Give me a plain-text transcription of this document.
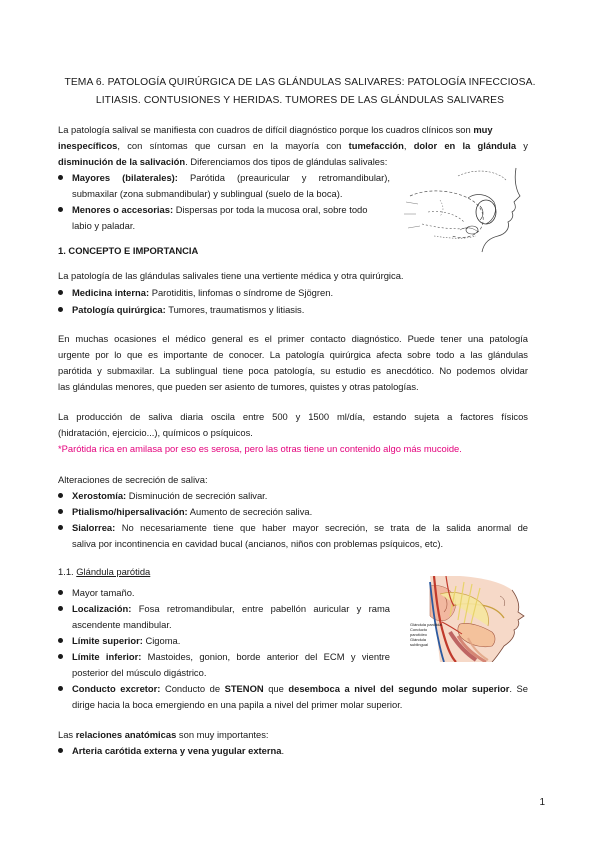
TEMA 6. PATOLOGÍA QUIRÚRGICA DE LAS GLÁNDULAS SALIVARES: PATOLOGÍA INFECCIOSA.
LITIASIS. CONTUSIONES Y HERIDAS. TUMORES DE LAS GLÁNDULAS SALIVARES
La patología salival se manifiesta con cuadros de difícil diagnóstico porque los cuadros clínicos son muy
inespecíficos, con síntomas que cursan en la mayoría con tumefacción, dolor en la glándula y
disminución de la salivación. Diferenciamos dos tipos de glándulas salivales:
Mayores (bilaterales): Parótida (preauricular y retromandibular),
submaxilar (zona submandibular) y sublingual (suelo de la boca).
Menores o accesorias: Dispersas por toda la mucosa oral, sobre todo
labio y paladar.
1. CONCEPTO E IMPORTANCIA
La patología de las glándulas salivales tiene una vertiente médica y otra quirúrgica.
Medicina interna: Parotiditis, linfomas o síndrome de Sjögren.
Patología quirúrgica: Tumores, traumatismos y litiasis.
En muchas ocasiones el médico general es el primer contacto diagnóstico. Puede tener una patología
urgente por lo que es importante de conocer. La patología quirúrgica afecta sobre todo a las glándulas
parótida y submaxilar. La sublingual tiene poca patología, su estudio es anecdótico. No podemos olvidar
las glándulas menores, que pueden ser asiento de tumores, quistes y otras patologías.
La producción de saliva diaria oscila entre 500 y 1500 ml/día, estando sujeta a factores físicos
(hidratación, ejercicio...), químicos o psíquicos.
*Parótida rica en amilasa por eso es serosa, pero las otras tiene un contenido algo más mucoide.
Alteraciones de secreción de saliva:
Xerostomía: Disminución de secreción salivar.
Ptialismo/hipersalivación: Aumento de secreción saliva.
Sialorrea: No necesariamente tiene que haber mayor secreción, se trata de la salida anormal de
saliva por incontinencia en cavidad bucal (ancianos, niños con problemas psíquicos, etc).
1.1. Glándula parótida
Mayor tamaño.
Localización: Fosa retromandibular, entre pabellón auricular y rama
ascendente mandibular.
Límite superior: Cigoma.
Límite inferior: Mastoides, gonion, borde anterior del ECM y vientre
posterior del músculo digástrico.
Glándula parótida
Conducto
parotídeo
Glándula
sublingual
Conducto excretor: Conducto de STENON que desemboca a nivel del segundo molar superior. Se
dirige hacia la boca emergiendo en una papila a nivel del primer molar superior.
Las relaciones anatómicas son muy importantes:
Arteria carótida externa y vena yugular externa.
1
